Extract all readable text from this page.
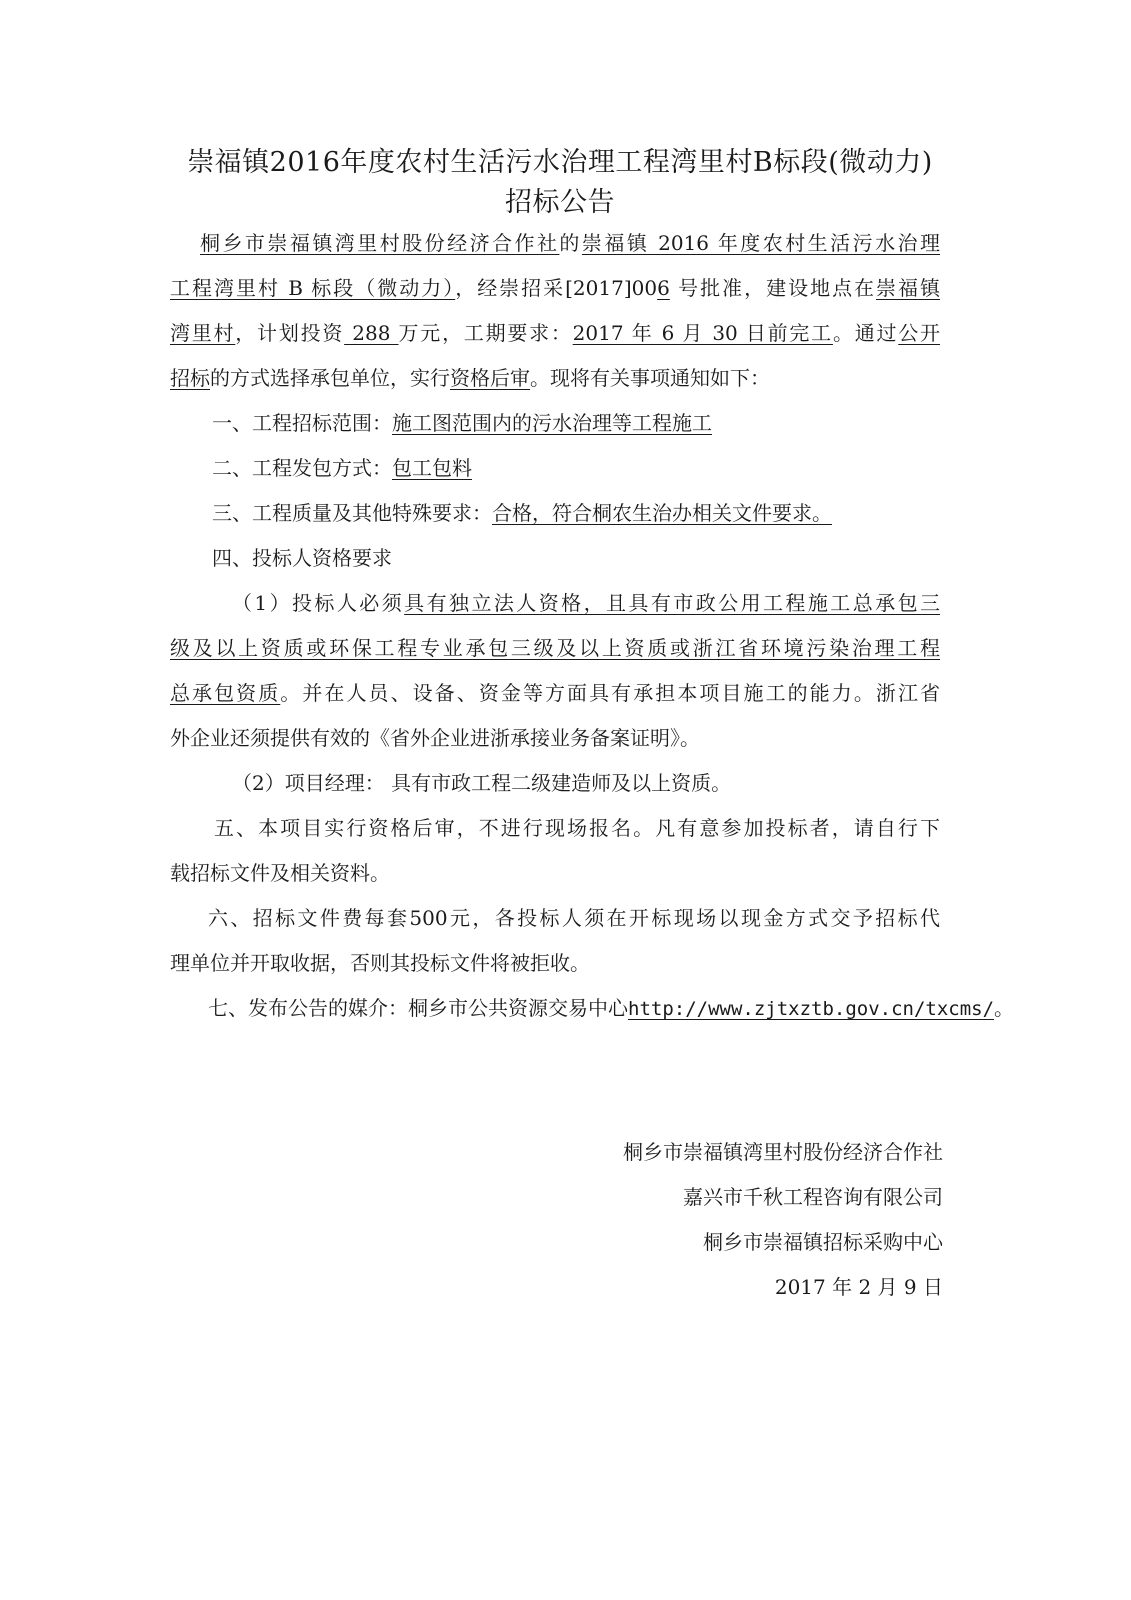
崇福镇2016年度农村生活污水治理工程湾里村B标段(微动力)
招标公告
桐乡市崇福镇湾里村股份经济合作社的崇福镇 2016 年度农村生活污水治理
工程湾里村 B 标段（微动力），经崇招采[2017]006 号批准，建设地点在崇福镇
湾里村，计划投资 288 万元，工期要求：2017 年 6 月 30 日前完工。通过公开
招标的方式选择承包单位，实行资格后审。现将有关事项通知如下：
一、工程招标范围：施工图范围内的污水治理等工程施工
二、工程发包方式：包工包料
三、工程质量及其他特殊要求：合格，符合桐农生治办相关文件要求。
四、投标人资格要求
（1）投标人必须具有独立法人资格，且具有市政公用工程施工总承包三
级及以上资质或环保工程专业承包三级及以上资质或浙江省环境污染治理工程
总承包资质。并在人员、设备、资金等方面具有承担本项目施工的能力。浙江省
外企业还须提供有效的《省外企业进浙承接业务备案证明》。
（2）项目经理： 具有市政工程二级建造师及以上资质。
五、本项目实行资格后审，不进行现场报名。凡有意参加投标者，请自行下
载招标文件及相关资料。
六、招标文件费每套500元，各投标人须在开标现场以现金方式交予招标代
理单位并开取收据，否则其投标文件将被拒收。
七、发布公告的媒介：桐乡市公共资源交易中心http://www.zjtxztb.gov.cn/txcms/。
桐乡市崇福镇湾里村股份经济合作社
嘉兴市千秋工程咨询有限公司
桐乡市崇福镇招标采购中心
2017 年 2 月 9 日
